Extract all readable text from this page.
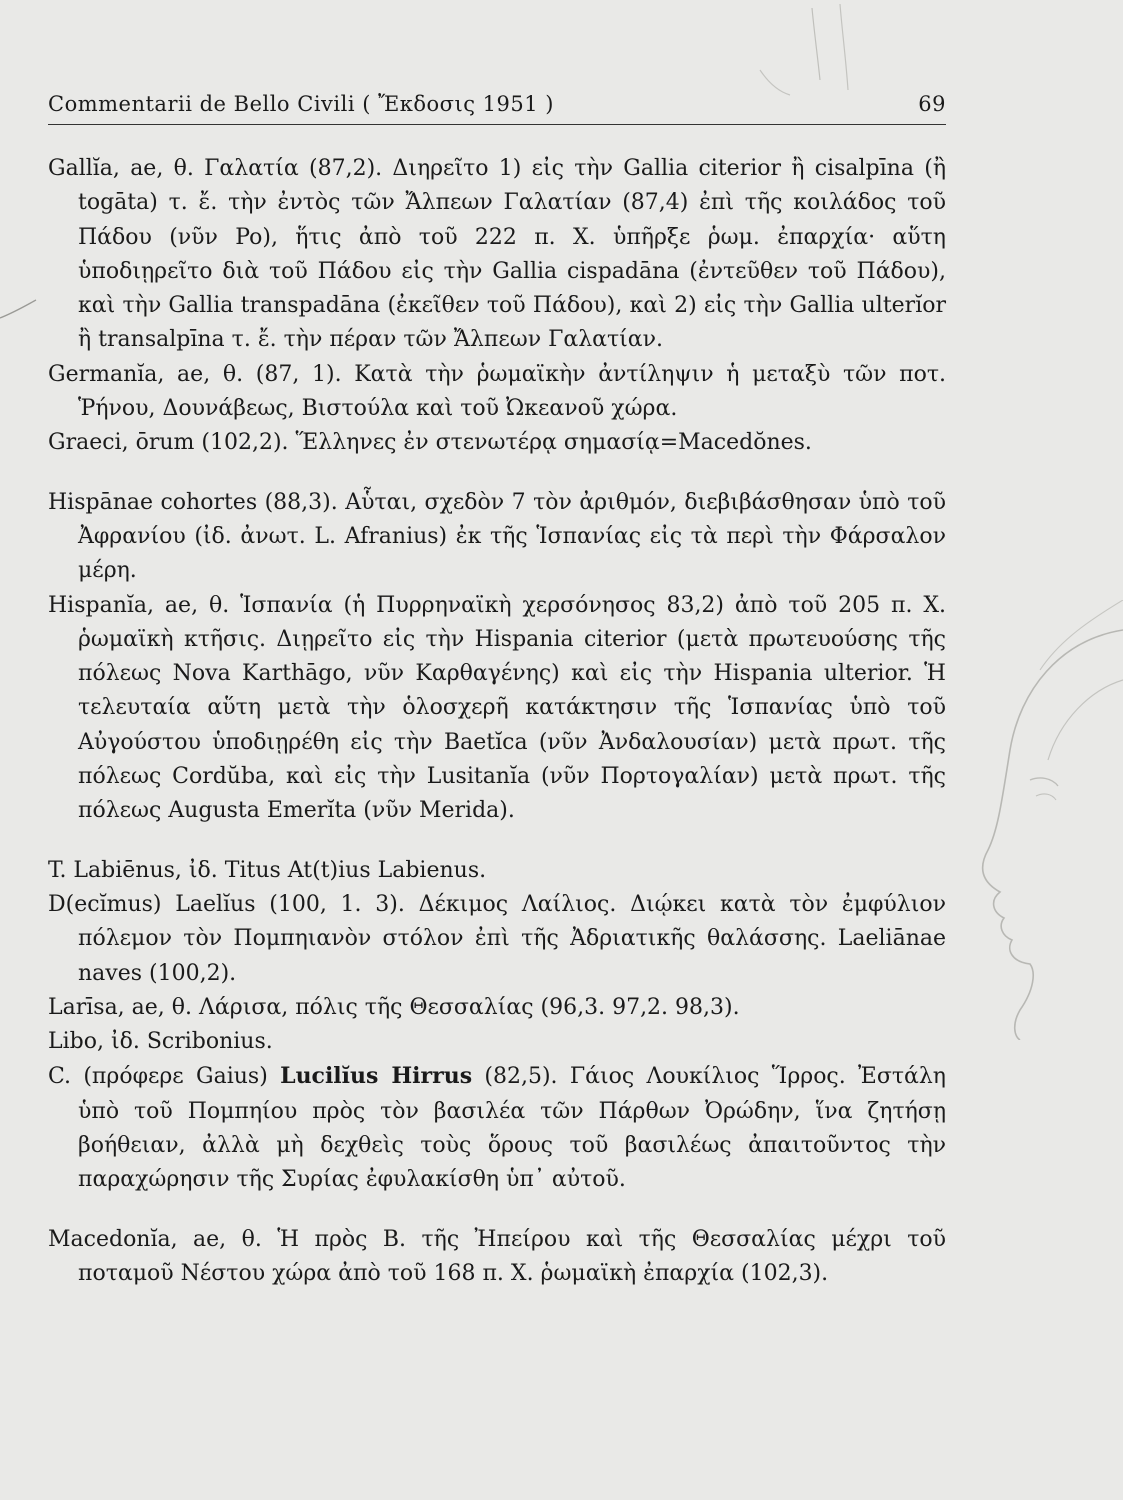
Commentarii de Bello Civili ( Ἔκδοσις 1951 )	69

Gallĭa, ae, θ. Γαλατία (87,2). Διηρεῖτο 1) εἰς τὴν Gallia citerior ἢ cisalpīna (ἢ togāta) τ. ἔ. τὴν ἐντὸς τῶν Ἄλπεων Γαλατίαν (87,4) ἐπὶ τῆς κοιλάδος τοῦ Πάδου (νῦν Po), ἥτις ἀπὸ τοῦ 222 π. Χ. ὑπῆρξε ῥωμ. ἐπαρχία· αὕτη ὑποδιῃρεῖτο διὰ τοῦ Πάδου εἰς τὴν Gallia cispadāna (ἐντεῦθεν τοῦ Πάδου), καὶ τὴν Gallia transpadāna (ἐκεῖθεν τοῦ Πάδου), καὶ 2) εἰς τὴν Gallia ulterĭor ἢ transalpīna τ. ἔ. τὴν πέραν τῶν Ἄλπεων Γαλατίαν.

Germanĭa, ae, θ. (87, 1). Κατὰ τὴν ῥωμαϊκὴν ἀντίληψιν ἡ μεταξὺ τῶν ποτ. Ῥήνου, Δουνάβεως, Βιστούλα καὶ τοῦ Ὠκεανοῦ χώρα.

Graeci, ōrum (102,2). Ἕλληνες ἐν στενωτέρᾳ σημασίᾳ=Macedŏnes.

Hispānae cohortes (88,3). Αὗται, σχεδὸν 7 τὸν ἀριθμόν, διεβιβάσθησαν ὑπὸ τοῦ Ἀφρανίου (ἰδ. ἀνωτ. L. Afranius) ἐκ τῆς Ἱσπανίας εἰς τὰ περὶ τὴν Φάρσαλον μέρη.

Hispanĭa, ae, θ. Ἱσπανία (ἡ Πυρρηναϊκὴ χερσόνησος 83,2) ἀπὸ τοῦ 205 π. Χ. ῥωμαϊκὴ κτῆσις. Διῃρεῖτο εἰς τὴν Hispania citerior (μετὰ πρωτευούσης τῆς πόλεως Nova Karthāgo, νῦν Καρθαγένης) καὶ εἰς τὴν Hispania ulterior. Ἡ τελευταία αὕτη μετὰ τὴν ὁλοσχερῆ κατάκτησιν τῆς Ἱσπανίας ὑπὸ τοῦ Αὐγούστου ὑποδιῃρέθη εἰς τὴν Baetĭca (νῦν Ἀνδαλουσίαν) μετὰ πρωτ. τῆς πόλεως Cordŭba, καὶ εἰς τὴν Lusitanĭa (νῦν Πορτογαλίαν) μετὰ πρωτ. τῆς πόλεως Augusta Emerĭta (νῦν Merida).

T. Labiēnus, ἰδ. Titus At(t)ius Labienus.

D(ecĭmus) Laelĭus (100, 1. 3). Δέκιμος Λαίλιος. Διῴκει κατὰ τὸν ἐμφύλιον πόλεμον τὸν Πομπηιανὸν στόλον ἐπὶ τῆς Ἀδριατικῆς θαλάσσης. Laeliānae naves (100,2).

Larīsa, ae, θ. Λάρισα, πόλις τῆς Θεσσαλίας (96,3. 97,2. 98,3).

Libo, ἰδ. Scribonius.

C. (πρόφερε Gaius) Lucilĭus Hirrus (82,5). Γάιος Λουκίλιος Ἵρρος. Ἐστάλη ὑπὸ τοῦ Πομπηίου πρὸς τὸν βασιλέα τῶν Πάρθων Ὀρώδην, ἵνα ζητήσῃ βοήθειαν, ἀλλὰ μὴ δεχθεὶς τοὺς ὅρους τοῦ βασιλέως ἀπαιτοῦντος τὴν παραχώρησιν τῆς Συρίας ἐφυλακίσθη ὑπ᾽ αὐτοῦ.

Macedonĭa, ae, θ. Ἡ πρὸς Β. τῆς Ἠπείρου καὶ τῆς Θεσσαλίας μέχρι τοῦ ποταμοῦ Νέστου χώρα ἀπὸ τοῦ 168 π. Χ. ῥωμαϊκὴ ἐπαρχία (102,3).
